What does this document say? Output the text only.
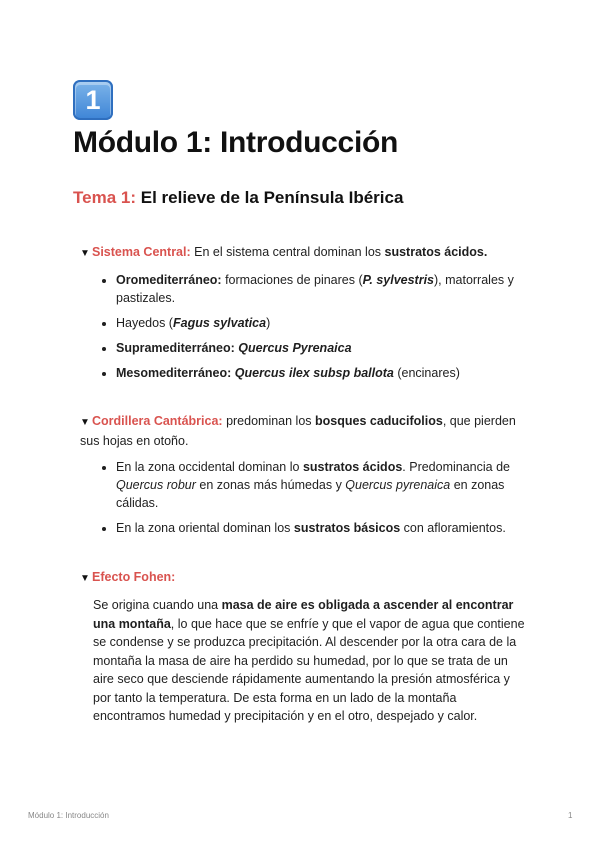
1
Módulo 1: Introducción

Tema 1: El relieve de la Península Ibérica

▼ Sistema Central: En el sistema central dominan los sustratos ácidos.

• Oromediterráneo: formaciones de pinares (P. sylvestris), matorrales y pastizales.
• Hayedos (Fagus sylvatica)
• Supramediterráneo: Quercus Pyrenaica
• Mesomediterráneo: Quercus ilex subsp ballota (encinares)

▼ Cordillera Cantábrica: predominan los bosques caducifolios, que pierden sus hojas en otoño.

• En la zona occidental dominan lo sustratos ácidos. Predominancia de Quercus robur en zonas más húmedas y Quercus pyrenaica en zonas cálidas.
• En la zona oriental dominan los sustratos básicos con afloramientos.

▼ Efecto Fohen:

Se origina cuando una masa de aire es obligada a ascender al encontrar una montaña, lo que hace que se enfríe y que el vapor de agua que contiene se condense y se produzca precipitación. Al descender por la otra cara de la montaña la masa de aire ha perdido su humedad, por lo que se trata de un aire seco que desciende rápidamente aumentando la presión atmosférica y por tanto la temperatura. De esta forma en un lado de la montaña encontramos humedad y precipitación y en el otro, despejado y calor.

Módulo 1: Introducción	1
